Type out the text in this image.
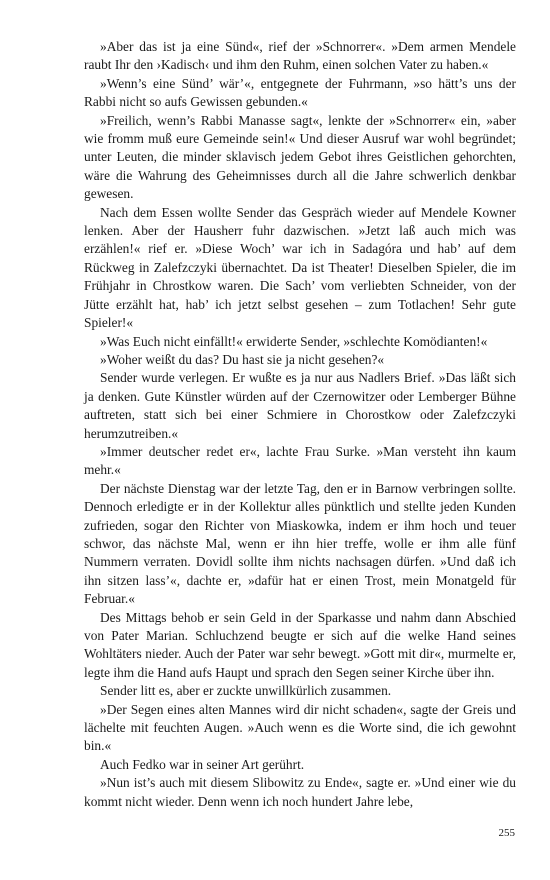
»Aber das ist ja eine Sünd«, rief der »Schnorrer«. »Dem armen Mendele raubt Ihr den ›Kadisch‹ und ihm den Ruhm, einen solchen Vater zu haben.«

»Wenn’s eine Sünd’ wär’«, entgegnete der Fuhrmann, »so hätt’s uns der Rabbi nicht so aufs Gewissen gebunden.«

»Freilich, wenn’s Rabbi Manasse sagt«, lenkte der »Schnorrer« ein, »aber wie fromm muß eure Gemeinde sein!« Und dieser Ausruf war wohl begründet; unter Leuten, die minder sklavisch jedem Gebot ihres Geistlichen gehorchten, wäre die Wahrung des Geheimnisses durch all die Jahre schwerlich denkbar gewesen.

Nach dem Essen wollte Sender das Gespräch wieder auf Mendele Kowner lenken. Aber der Hausherr fuhr dazwischen. »Jetzt laß auch mich was erzählen!« rief er. »Diese Woch’ war ich in Sadagóra und hab’ auf dem Rückweg in Zalefzczyki übernachtet. Da ist Theater! Dieselben Spieler, die im Frühjahr in Chrostkow waren. Die Sach’ vom verliebten Schneider, von der Jütte erzählt hat, hab’ ich jetzt selbst gesehen – zum Totlachen! Sehr gute Spieler!«

»Was Euch nicht einfällt!« erwiderte Sender, »schlechte Komödianten!«

»Woher weißt du das? Du hast sie ja nicht gesehen?«

Sender wurde verlegen. Er wußte es ja nur aus Nadlers Brief. »Das läßt sich ja denken. Gute Künstler würden auf der Czernowitzer oder Lemberger Bühne auftreten, statt sich bei einer Schmiere in Chorostkow oder Zalefzczyki herumzutreiben.«

»Immer deutscher redet er«, lachte Frau Surke. »Man versteht ihn kaum mehr.«

Der nächste Dienstag war der letzte Tag, den er in Barnow verbringen sollte. Dennoch erledigte er in der Kollektur alles pünktlich und stellte jeden Kunden zufrieden, sogar den Richter von Miaskowka, indem er ihm hoch und teuer schwor, das nächste Mal, wenn er ihn hier treffe, wolle er ihm alle fünf Nummern verraten. Dovidl sollte ihm nichts nachsagen dürfen. »Und daß ich ihn sitzen lass’«, dachte er, »dafür hat er einen Trost, mein Monatgeld für Februar.«

Des Mittags behob er sein Geld in der Sparkasse und nahm dann Abschied von Pater Marian. Schluchzend beugte er sich auf die welke Hand seines Wohltäters nieder. Auch der Pater war sehr bewegt. »Gott mit dir«, murmelte er, legte ihm die Hand aufs Haupt und sprach den Segen seiner Kirche über ihn.

Sender litt es, aber er zuckte unwillkürlich zusammen.

»Der Segen eines alten Mannes wird dir nicht schaden«, sagte der Greis und lächelte mit feuchten Augen. »Auch wenn es die Worte sind, die ich gewohnt bin.«

Auch Fedko war in seiner Art gerührt.

»Nun ist’s auch mit diesem Slibowitz zu Ende«, sagte er. »Und einer wie du kommt nicht wieder. Denn wenn ich noch hundert Jahre lebe,

255
